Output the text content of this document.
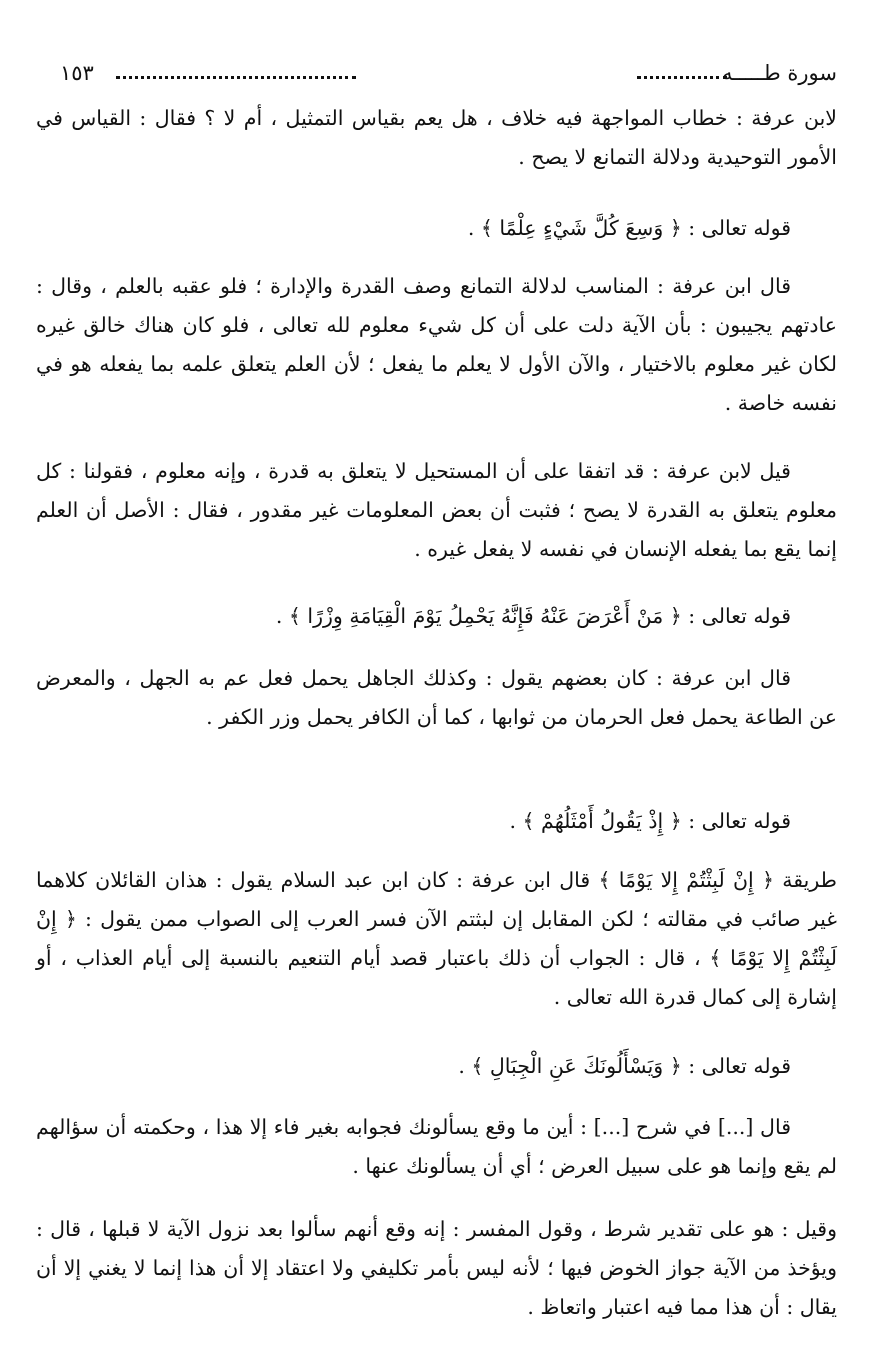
سورة طـــــه
١٥٣

لابن عرفة : خطاب المواجهة فيه خلاف ، هل يعم بقياس التمثيل ، أم لا ؟ فقال : القياس في الأمور التوحيدية ودلالة التمانع لا يصح .

قوله تعالى : ﴿ وَسِعَ كُلَّ شَيْءٍ عِلْمًا ﴾ .

قال ابن عرفة : المناسب لدلالة التمانع وصف القدرة والإدارة ؛ فلو عقبه بالعلم ، وقال : عادتهم يجيبون : بأن الآية دلت على أن كل شيء معلوم لله تعالى ، فلو كان هناك خالق غيره لكان غير معلوم بالاختيار ، والآن الأول لا يعلم ما يفعل ؛ لأن العلم يتعلق علمه بما يفعله هو في نفسه خاصة .

قيل لابن عرفة : قد اتفقا على أن المستحيل لا يتعلق به قدرة ، وإنه معلوم ، فقولنا : كل معلوم يتعلق به القدرة لا يصح ؛ فثبت أن بعض المعلومات غير مقدور ، فقال : الأصل أن العلم إنما يقع بما يفعله الإنسان في نفسه لا يفعل غيره .

قوله تعالى : ﴿ مَنْ أَعْرَضَ عَنْهُ فَإِنَّهُ يَحْمِلُ يَوْمَ الْقِيَامَةِ وِزْرًا ﴾ .

قال ابن عرفة : كان بعضهم يقول : وكذلك الجاهل يحمل فعل عم به الجهل ، والمعرض عن الطاعة يحمل فعل الحرمان من ثوابها ، كما أن الكافر يحمل وزر الكفر .

قوله تعالى : ﴿ إِذْ يَقُولُ أَمْثَلُهُمْ ﴾ .

طريقة ﴿ إِنْ لَبِثْتُمْ إِلا يَوْمًا ﴾ قال ابن عرفة : كان ابن عبد السلام يقول : هذان القائلان كلاهما غير صائب في مقالته ؛ لكن المقابل إن لبثتم الآن فسر العرب إلى الصواب ممن يقول : ﴿ إِنْ لَبِثْتُمْ إِلا يَوْمًا ﴾ ، قال : الجواب أن ذلك باعتبار قصد أيام التنعيم بالنسبة إلى أيام العذاب ، أو إشارة إلى كمال قدرة الله تعالى .

قوله تعالى : ﴿ وَيَسْأَلُونَكَ عَنِ الْجِبَالِ ﴾ .

قال [...] في شرح [...] : أين ما وقع يسألونك فجوابه بغير فاء إلا هذا ، وحكمته أن سؤالهم لم يقع وإنما هو على سبيل العرض ؛ أي أن يسألونك عنها .

وقيل : هو على تقدير شرط ، وقول المفسر : إنه وقع أنهم سألوا بعد نزول الآية لا قبلها ، قال : ويؤخذ من الآية جواز الخوض فيها ؛ لأنه ليس بأمر تكليفي ولا اعتقاد إلا أن هذا إنما لا يغني إلا أن يقال : أن هذا مما فيه اعتبار واتعاظ .
